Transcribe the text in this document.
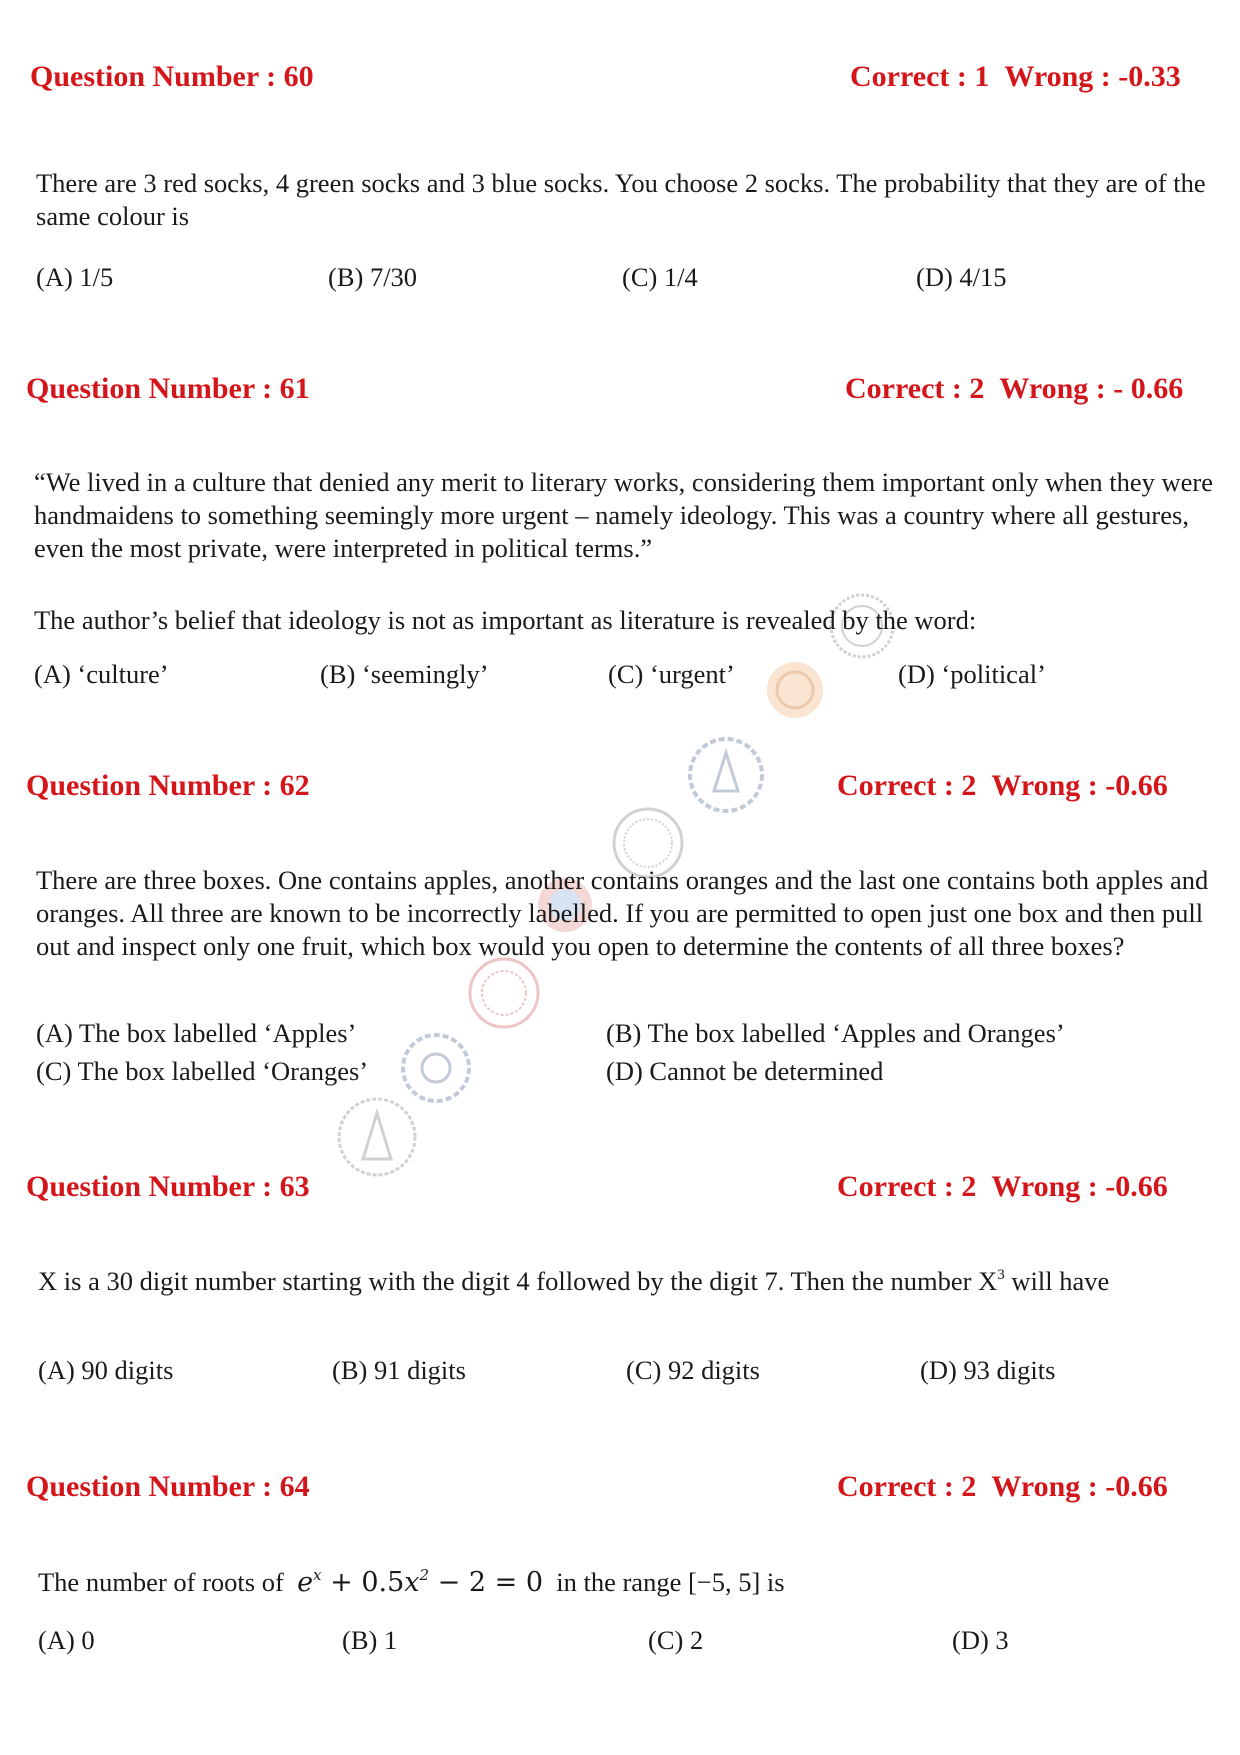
Question Number : 60	Correct : 1 Wrong : -0.33

There are 3 red socks, 4 green socks and 3 blue socks. You choose 2 socks. The probability that they are of the same colour is

(A) 1/5	(B) 7/30	(C) 1/4	(D) 4/15
Question Number : 61	Correct : 2 Wrong : - 0.66

“We lived in a culture that denied any merit to literary works, considering them important only when they were handmaidens to something seemingly more urgent – namely ideology. This was a country where all gestures, even the most private, were interpreted in political terms.”

The author’s belief that ideology is not as important as literature is revealed by the word:

(A) ‘culture’	(B) ‘seemingly’	(C) ‘urgent’	(D) ‘political’
Question Number : 62	Correct : 2 Wrong : -0.66

There are three boxes. One contains apples, another contains oranges and the last one contains both apples and oranges. All three are known to be incorrectly labelled. If you are permitted to open just one box and then pull out and inspect only one fruit, which box would you open to determine the contents of all three boxes?

(A) The box labelled ‘Apples’	(B) The box labelled ‘Apples and Oranges’
(C) The box labelled ‘Oranges’	(D) Cannot be determined
Question Number : 63	Correct : 2 Wrong : -0.66

X is a 30 digit number starting with the digit 4 followed by the digit 7. Then the number $X^3$ will have

(A) 90 digits	(B) 91 digits	(C) 92 digits	(D) 93 digits
Question Number : 64	Correct : 2 Wrong : -0.66
The number of roots of $e^x + 0.5x^2 - 2 = 0$ in the range [−5, 5] is
(A) 0	(B) 1	(C) 2	(D) 3
